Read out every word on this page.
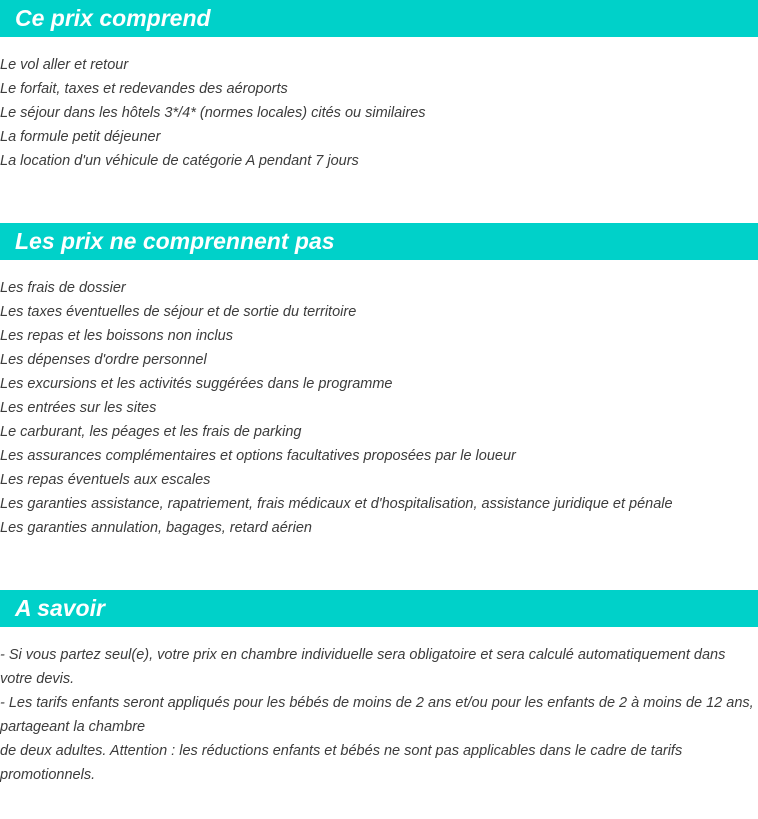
Ce prix comprend
Le vol aller et retour
Le forfait, taxes et redevandes des aéroports
Le séjour dans les hôtels 3*/4* (normes locales) cités ou similaires
La formule petit déjeuner
La location d'un véhicule de catégorie A pendant 7 jours
Les prix ne comprennent pas
Les frais de dossier
Les taxes éventuelles de séjour et de sortie du territoire
Les repas et les boissons non inclus
Les dépenses d'ordre personnel
Les excursions et les activités suggérées dans le programme
Les entrées sur les sites
Le carburant, les péages et les frais de parking
Les assurances complémentaires et options facultatives proposées par le loueur
Les repas éventuels aux escales
Les garanties assistance, rapatriement, frais médicaux et d'hospitalisation, assistance juridique et pénale
Les garanties annulation, bagages, retard aérien
A savoir
- Si vous partez seul(e), votre prix en chambre individuelle sera obligatoire et sera calculé automatiquement dans votre devis.
- Les tarifs enfants seront appliqués pour les bébés de moins de 2 ans et/ou pour les enfants de 2 à moins de 12 ans, partageant la chambre
de deux adultes. Attention : les réductions enfants et bébés ne sont pas applicables dans le cadre de tarifs promotionnels.
